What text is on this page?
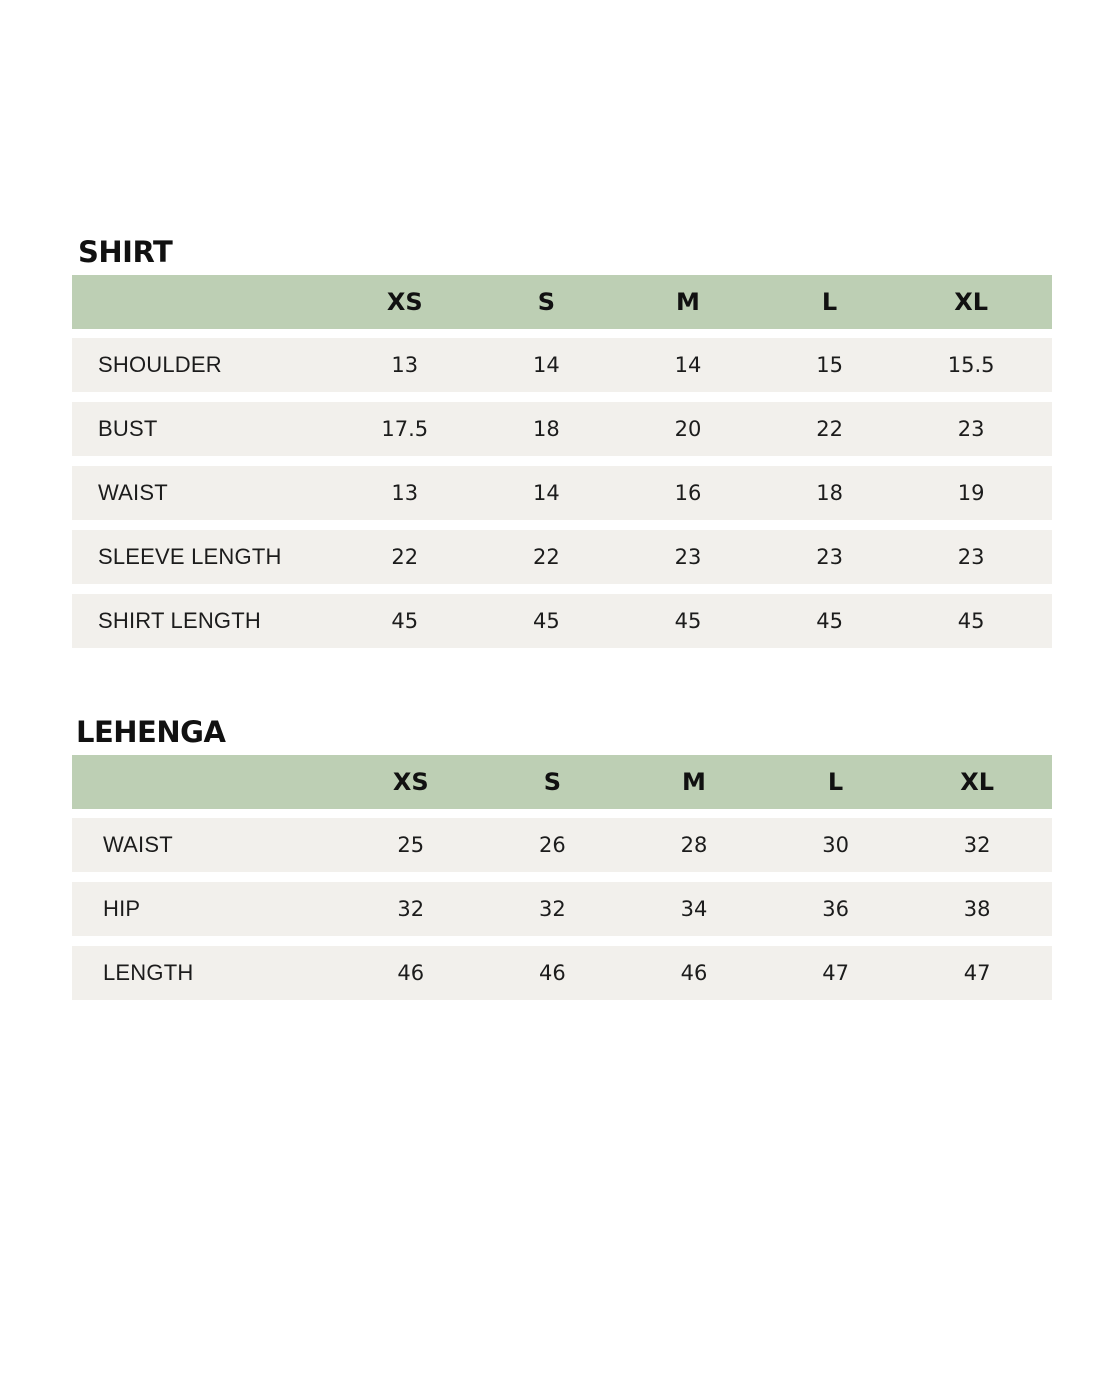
SHIRT
XS	S	M	L	XL
SHOULDER	13	14	14	15	15.5
BUST	17.5	18	20	22	23
WAIST	13	14	16	18	19
SLEEVE LENGTH	22	22	23	23	23
SHIRT LENGTH	45	45	45	45	45
LEHENGA
XS	S	M	L	XL
WAIST	25	26	28	30	32
HIP	32	32	34	36	38
LENGTH	46	46	46	47	47
